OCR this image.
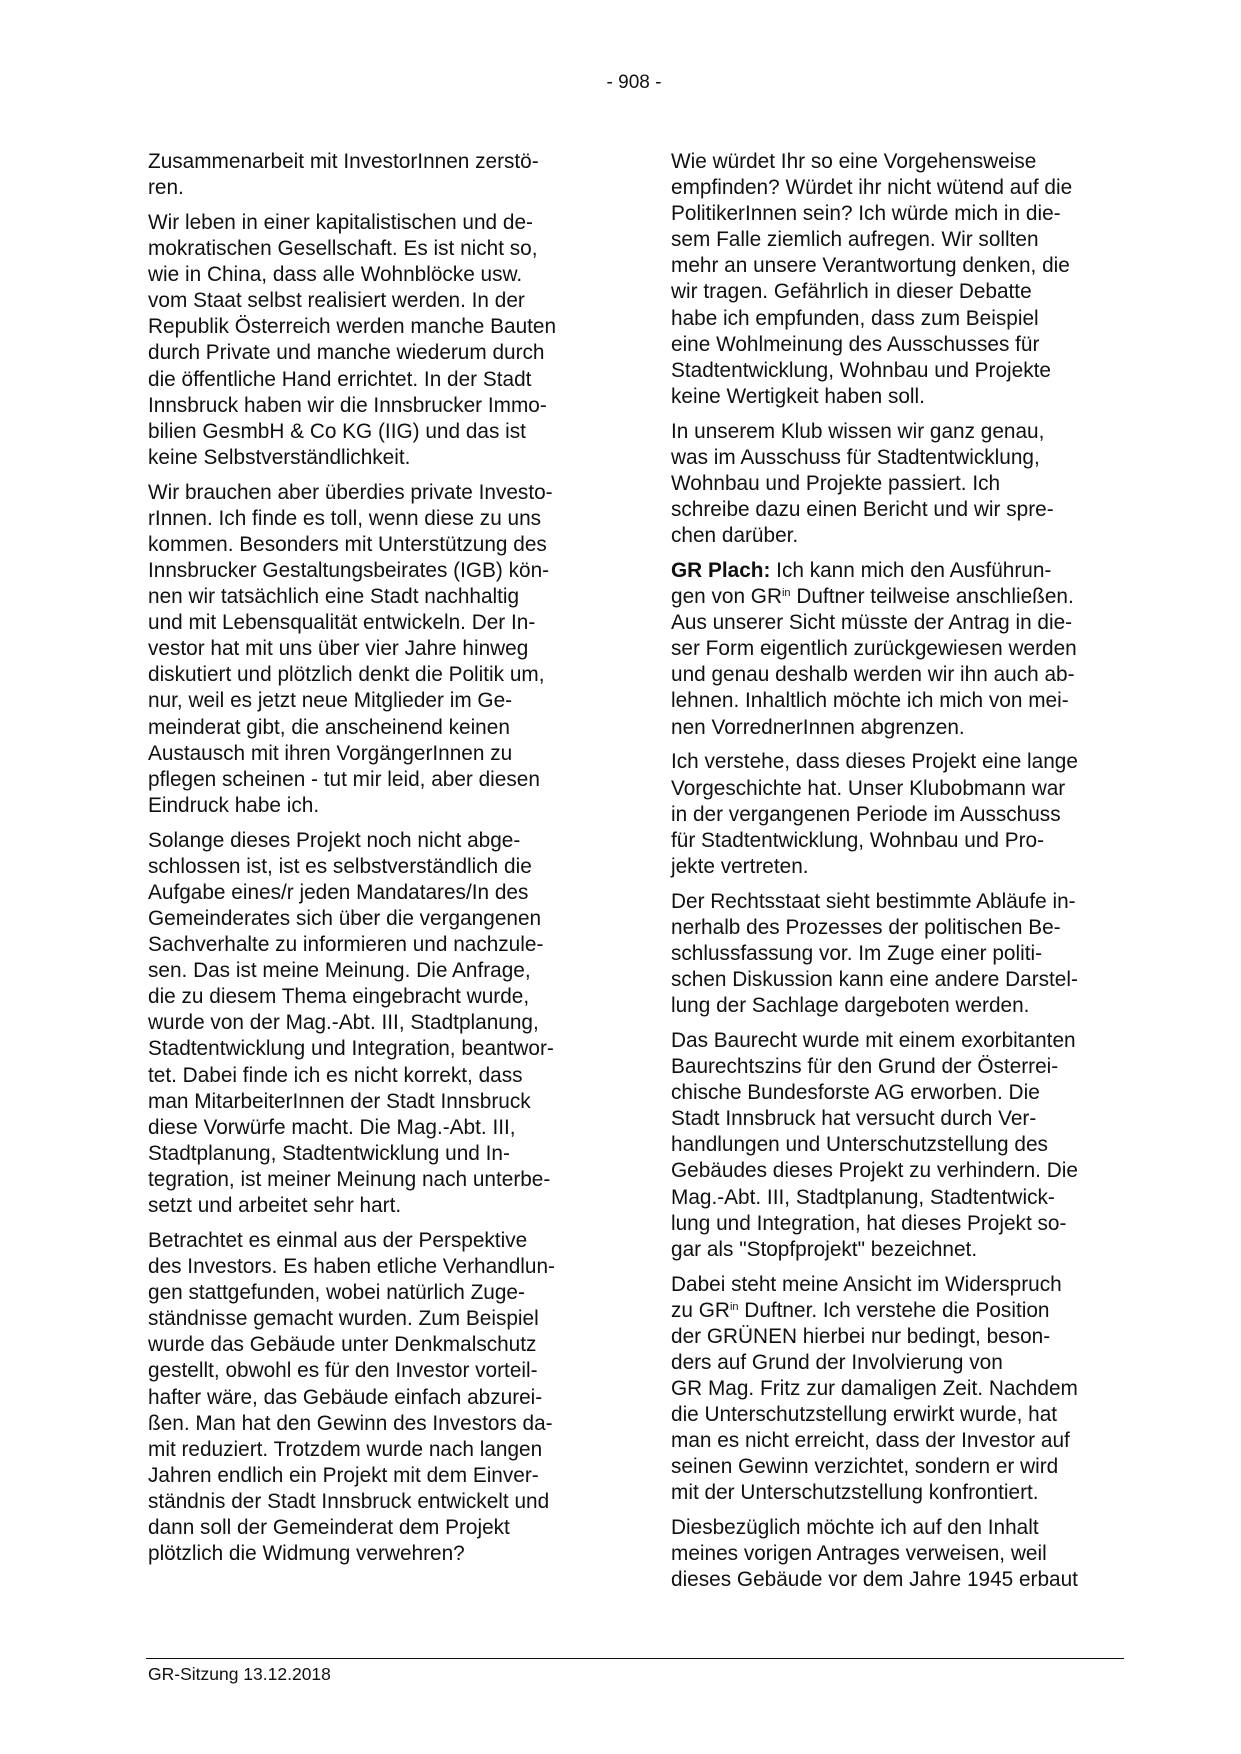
- 908 -
Zusammenarbeit mit InvestorInnen zerstö-
ren.
Wir leben in einer kapitalistischen und de-
mokratischen Gesellschaft. Es ist nicht so,
wie in China, dass alle Wohnblöcke usw.
vom Staat selbst realisiert werden. In der
Republik Österreich werden manche Bauten
durch Private und manche wiederum durch
die öffentliche Hand errichtet. In der Stadt
Innsbruck haben wir die Innsbrucker Immo-
bilien GesmbH & Co KG (IIG) und das ist
keine Selbstverständlichkeit.
Wir brauchen aber überdies private Investo-
rInnen. Ich finde es toll, wenn diese zu uns
kommen. Besonders mit Unterstützung des
Innsbrucker Gestaltungsbeirates (IGB) kön-
nen wir tatsächlich eine Stadt nachhaltig
und mit Lebensqualität entwickeln. Der In-
vestor hat mit uns über vier Jahre hinweg
diskutiert und plötzlich denkt die Politik um,
nur, weil es jetzt neue Mitglieder im Ge-
meinderat gibt, die anscheinend keinen
Austausch mit ihren VorgängerInnen zu
pflegen scheinen - tut mir leid, aber diesen
Eindruck habe ich.
Solange dieses Projekt noch nicht abge-
schlossen ist, ist es selbstverständlich die
Aufgabe eines/r jeden Mandatares/In des
Gemeinderates sich über die vergangenen
Sachverhalte zu informieren und nachzule-
sen. Das ist meine Meinung. Die Anfrage,
die zu diesem Thema eingebracht wurde,
wurde von der Mag.-Abt. III, Stadtplanung,
Stadtentwicklung und Integration, beantwor-
tet. Dabei finde ich es nicht korrekt, dass
man MitarbeiterInnen der Stadt Innsbruck
diese Vorwürfe macht. Die Mag.-Abt. III,
Stadtplanung, Stadtentwicklung und In-
tegration, ist meiner Meinung nach unterbe-
setzt und arbeitet sehr hart.
Betrachtet es einmal aus der Perspektive
des Investors. Es haben etliche Verhandlun-
gen stattgefunden, wobei natürlich Zuge-
ständnisse gemacht wurden. Zum Beispiel
wurde das Gebäude unter Denkmalschutz
gestellt, obwohl es für den Investor vorteil-
hafter wäre, das Gebäude einfach abzurei-
ßen. Man hat den Gewinn des Investors da-
mit reduziert. Trotzdem wurde nach langen
Jahren endlich ein Projekt mit dem Einver-
ständnis der Stadt Innsbruck entwickelt und
dann soll der Gemeinderat dem Projekt
plötzlich die Widmung verwehren?
Wie würdet Ihr so eine Vorgehensweise
empfinden? Würdet ihr nicht wütend auf die
PolitikerInnen sein? Ich würde mich in die-
sem Falle ziemlich aufregen. Wir sollten
mehr an unsere Verantwortung denken, die
wir tragen. Gefährlich in dieser Debatte
habe ich empfunden, dass zum Beispiel
eine Wohlmeinung des Ausschusses für
Stadtentwicklung, Wohnbau und Projekte
keine Wertigkeit haben soll.
In unserem Klub wissen wir ganz genau,
was im Ausschuss für Stadtentwicklung,
Wohnbau und Projekte passiert. Ich
schreibe dazu einen Bericht und wir spre-
chen darüber.
GR Plach: Ich kann mich den Ausführun-
gen von $GR^{in}$ Duftner teilweise anschließen.
Aus unserer Sicht müsste der Antrag in die-
ser Form eigentlich zurückgewiesen werden
und genau deshalb werden wir ihn auch ab-
lehnen. Inhaltlich möchte ich mich von mei-
nen VorrednerInnen abgrenzen.
Ich verstehe, dass dieses Projekt eine lange
Vorgeschichte hat. Unser Klubobmann war
in der vergangenen Periode im Ausschuss
für Stadtentwicklung, Wohnbau und Pro-
jekte vertreten.
Der Rechtsstaat sieht bestimmte Abläufe in-
nerhalb des Prozesses der politischen Be-
schlussfassung vor. Im Zuge einer politi-
schen Diskussion kann eine andere Darstel-
lung der Sachlage dargeboten werden.
Das Baurecht wurde mit einem exorbitanten
Baurechtszins für den Grund der Österrei-
chische Bundesforste AG erworben. Die
Stadt Innsbruck hat versucht durch Ver-
handlungen und Unterschutzstellung des
Gebäudes dieses Projekt zu verhindern. Die
Mag.-Abt. III, Stadtplanung, Stadtentwick-
lung und Integration, hat dieses Projekt so-
gar als "Stopfprojekt" bezeichnet.
Dabei steht meine Ansicht im Widerspruch
zu $GR^{in}$ Duftner. Ich verstehe die Position
der GRÜNEN hierbei nur bedingt, beson-
ders auf Grund der Involvierung von
GR Mag. Fritz zur damaligen Zeit. Nachdem
die Unterschutzstellung erwirkt wurde, hat
man es nicht erreicht, dass der Investor auf
seinen Gewinn verzichtet, sondern er wird
mit der Unterschutzstellung konfrontiert.
Diesbezüglich möchte ich auf den Inhalt
meines vorigen Antrages verweisen, weil
dieses Gebäude vor dem Jahre 1945 erbaut
GR-Sitzung 13.12.2018
